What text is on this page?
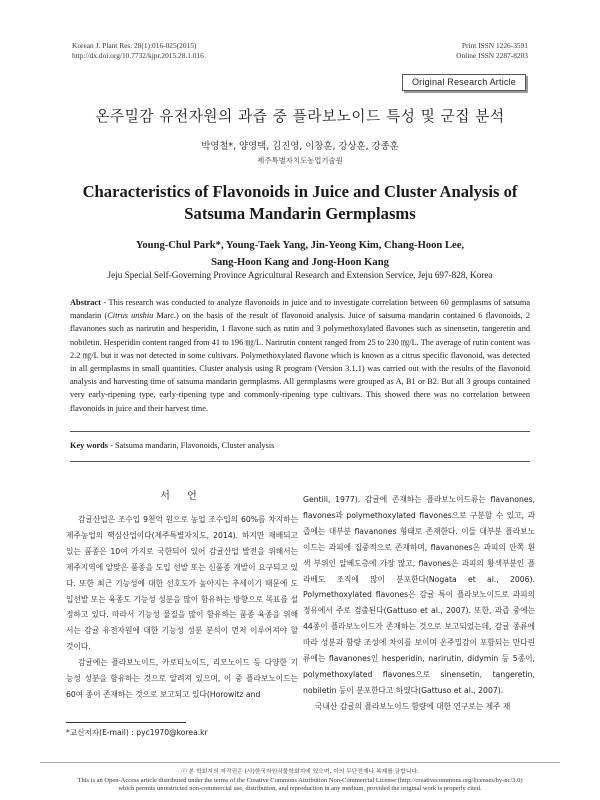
Korean J. Plant Res. 28(1):016-025(2015)
http://dx.doi.org/10.7732/kjpr.2015.28.1.016
Print ISSN 1226-3591
Online ISSN 2287-8203
Original Research Article
온주밀감 유전자원의 과즙 중 플라보노이드 특성 및 군집 분석
박영철*, 양영택, 김진영, 이창훈, 강상훈, 강종훈
제주특별자치도농업기술원
Characteristics of Flavonoids in Juice and Cluster Analysis of Satsuma Mandarin Germplasms
Young-Chul Park*, Young-Taek Yang, Jin-Yeong Kim, Chang-Hoon Lee,
Sang-Hoon Kang and Jong-Hoon Kang
Jeju Special Self-Governing Province Agricultural Research and Extension Service, Jeju 697-828, Korea
Abstract - This research was conducted to analyze flavonoids in juice and to investigate correlation between 60 germplasms of satsuma mandarin (Citrus unshiu Marc.) on the basis of the result of flavonoid analysis. Juice of satsuma mandarin contained 6 flavonoids, 2 flavanones such as narirutin and hesperidin, 1 flavone such as rutin and 3 polymethoxylated flavones such as sinensetin, tangeretin and nobiletin. Hesperidin content ranged from 41 to 196 ㎎/L. Narirutin content ranged from 25 to 230 ㎎/L. The average of rutin content was 2.2 ㎎/L but it was not detected in some cultivars. Polymethoxylated flavone which is known as a citrus specific flavonoid, was detected in all germplasms in small quantities. Cluster analysis using R program (Version 3.1.1) was carried out with the results of the flavonoid analysis and harvesting time of satsuma mandarin germplasms. All germplasms were grouped as A, B1 or B2. But all 3 groups contained very early-ripening type, early-ripening type and commonly-ripening type cultivars. This showed there was no correlation between flavonoids in juice and their harvest time.
Key words - Satsuma mandarin, Flavonoids, Cluster analysis
서 언

감귤산업은 조수입 9천억 원으로 농업 조수입의 60%를 차지하는 제주농업의 핵심산업이다(제주특별자치도, 2014). 하지만 재배되고 있는 품종은 10여 가지로 국한되어 있어 감귤산업 발전을 위해서는 제주지역에 알맞은 품종을 도입 선발 또는 신품종 개발이 요구되고 있다. 또한 최근 기능성에 대한 선호도가 높아지는 추세이기 때문에 도입선발 또는 육종도 기능성 성분을 많이 함유하는 방향으로 목표를 설정하고 있다. 따라서 기능성 물질을 많이 함유하는 품종 육종을 위해서는 감귤 유전자원에 대한 기능성 성분 분석이 먼저 이루어져야 할 것이다.

감귤에는 플라보노이드, 카로티노이드, 리모노이드 등 다양한 기능성 성분을 함유하는 것으로 알려져 있으며, 이 중 플라보노이드는 60여 종이 존재하는 것으로 보고되고 있다(Horowitz and

Gentili, 1977). 감귤에 존재하는 플라보노이드류는 flavanones, flavones과 polymethoxylated flavones으로 구분할 수 있고, 과즙에는 대부분 flavanones 형태로 존재한다. 이들 대부분 플라보노이드는 과피에 집중적으로 존재하며, flavanones은 과피의 안쪽 흰색 부위인 알베도층에 가장 많고, flavones은 과피의 황색부분인 플라베도 조직에 많이 분포한다(Nogata et al., 2006). Polymethoxylated flavones은 감귤 특이 플라보노이드로 과피의 정유에서 주로 검출된다(Gattuso et al., 2007). 또한, 과즙 중에는 44종이 플라보노이드가 존재하는 것으로 보고되었는데, 감귤 종류에 따라 성분과 함량 조성에 차이를 보이며 온주밀감이 포함되는 만다린류에는 flavanones인 hesperidin, narirutin, didymin 등 5종이, polymethoxylated flavones으로 sinensetin, tangeretin, nobiletin 등이 분포한다고 하였다(Gattuso et al., 2007).

국내산 감귤의 플라보노이드 함량에 대한 연구로는 제주 재

*교신저자(E-mail) : pyc1970@korea.kr
ⓒ 본 학회지의 저작권은 (사)한국자원식물학회지에 있으며, 이의 무단전재나 복제를 금합니다.
This is an Open-Access article distributed under the terms of the Creative Commons Attribution Non-Commercial License (http://creativecommons.org/licenses/by-nc/3.0)
which permits unrestricted non-commercial use, distribution, and reproduction in any medium, provided the original work is properly cited.
